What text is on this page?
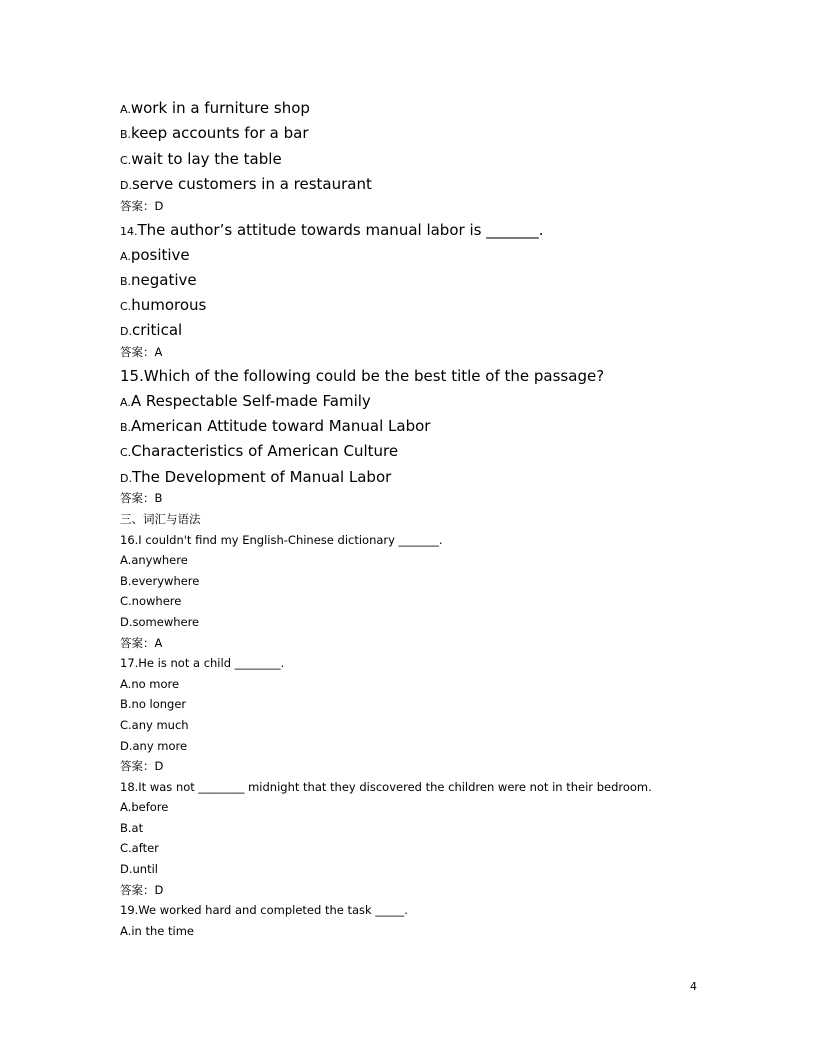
A.work in a furniture shop
B.keep accounts for a bar
C.wait to lay the table
D.serve customers in a restaurant
答案：D
14.The author’s attitude towards manual labor is _______.
A.positive
B.negative
C.humorous
D.critical
答案：A
15.Which of the following could be the best title of the passage?
A.A Respectable Self-made Family
B.American Attitude toward Manual Labor
C.Characteristics of American Culture
D.The Development of Manual Labor
答案：B
三、词汇与语法
16.I couldn't find my English-Chinese dictionary _______.
A.anywhere
B.everywhere
C.nowhere
D.somewhere
答案：A
17.He is not a child ________.
A.no more
B.no longer
C.any much
D.any more
答案：D
18.It was not ________ midnight that they discovered the children were not in their bedroom.
A.before
B.at
C.after
D.until
答案：D
19.We worked hard and completed the task _____.
A.in the time
4
